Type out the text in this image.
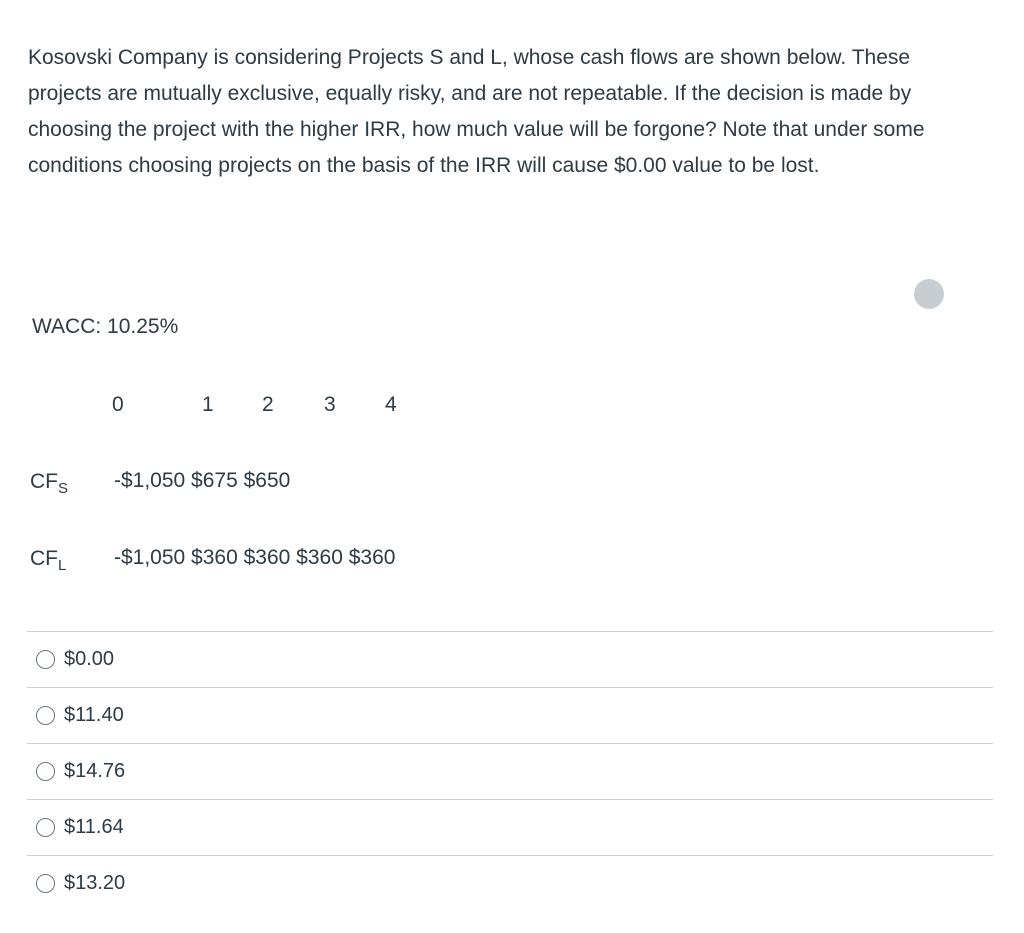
Kosovski Company is considering Projects S and L, whose cash flows are shown below. These projects are mutually exclusive, equally risky, and are not repeatable. If the decision is made by choosing the project with the higher IRR, how much value will be forgone? Note that under some conditions choosing projects on the basis of the IRR will cause $0.00 value to be lost.

WACC: 10.25%

0	1 2 3 4
$CF_S$ -$1,050 $675 $650
$CF_L$ -$1,050 $360 $360 $360 $360
$0.00
$11.40
$14.76
$11.64
$13.20
